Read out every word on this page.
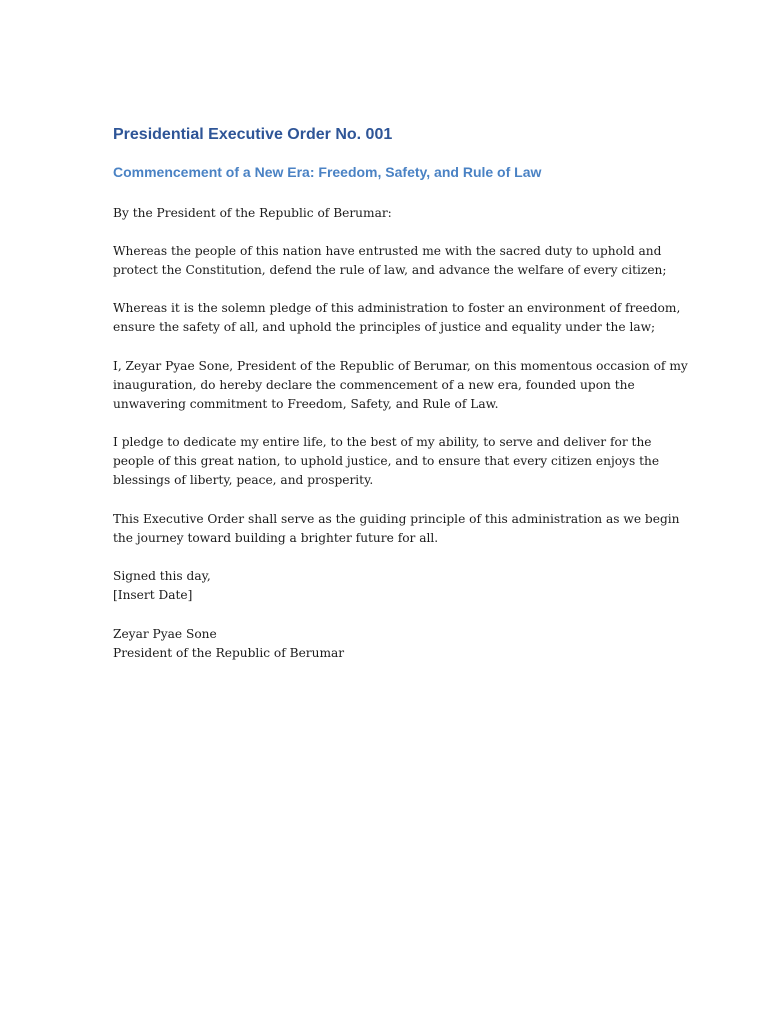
Presidential Executive Order No. 001
Commencement of a New Era: Freedom, Safety, and Rule of Law

By the President of the Republic of Berumar:

Whereas the people of this nation have entrusted me with the sacred duty to uphold and
protect the Constitution, defend the rule of law, and advance the welfare of every citizen;

Whereas it is the solemn pledge of this administration to foster an environment of freedom,
ensure the safety of all, and uphold the principles of justice and equality under the law;

I, Zeyar Pyae Sone, President of the Republic of Berumar, on this momentous occasion of my
inauguration, do hereby declare the commencement of a new era, founded upon the
unwavering commitment to Freedom, Safety, and Rule of Law.

I pledge to dedicate my entire life, to the best of my ability, to serve and deliver for the
people of this great nation, to uphold justice, and to ensure that every citizen enjoys the
blessings of liberty, peace, and prosperity.

This Executive Order shall serve as the guiding principle of this administration as we begin
the journey toward building a brighter future for all.

Signed this day,
[Insert Date]

Zeyar Pyae Sone
President of the Republic of Berumar
